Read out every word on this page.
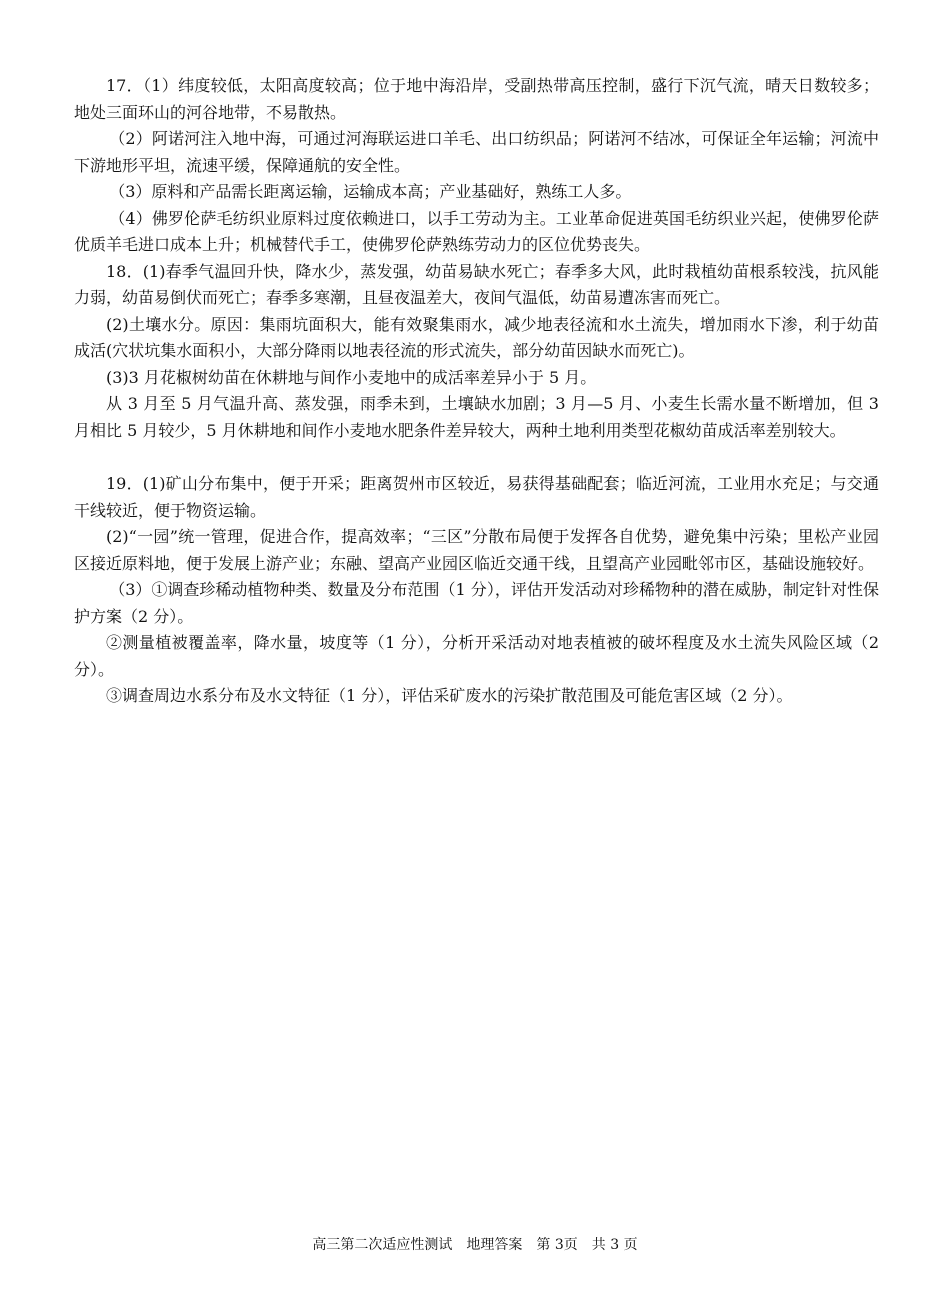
17．（1）纬度较低，太阳高度较高；位于地中海沿岸，受副热带高压控制，盛行下沉气流，晴天日数较多；地处三面环山的河谷地带，不易散热。

（2）阿诺河注入地中海，可通过河海联运进口羊毛、出口纺织品；阿诺河不结冰，可保证全年运输；河流中下游地形平坦，流速平缓，保障通航的安全性。

（3）原料和产品需长距离运输，运输成本高；产业基础好，熟练工人多。

（4）佛罗伦萨毛纺织业原料过度依赖进口，以手工劳动为主。工业革命促进英国毛纺织业兴起，使佛罗伦萨优质羊毛进口成本上升；机械替代手工，使佛罗伦萨熟练劳动力的区位优势丧失。

18．(1)春季气温回升快，降水少，蒸发强，幼苗易缺水死亡；春季多大风，此时栽植幼苗根系较浅，抗风能力弱，幼苗易倒伏而死亡；春季多寒潮，且昼夜温差大，夜间气温低，幼苗易遭冻害而死亡。

(2)土壤水分。原因：集雨坑面积大，能有效聚集雨水，减少地表径流和水土流失，增加雨水下渗，利于幼苗成活(穴状坑集水面积小，大部分降雨以地表径流的形式流失，部分幼苗因缺水而死亡)。

(3)3 月花椒树幼苗在休耕地与间作小麦地中的成活率差异小于 5 月。

从 3 月至 5 月气温升高、蒸发强，雨季未到，土壤缺水加剧；3 月—5 月、小麦生长需水量不断增加，但 3 月相比 5 月较少，5 月休耕地和间作小麦地水肥条件差异较大，两种土地利用类型花椒幼苗成活率差别较大。

19．(1)矿山分布集中，便于开采；距离贺州市区较近，易获得基础配套；临近河流，工业用水充足；与交通干线较近，便于物资运输。

(2)“一园”统一管理，促进合作，提高效率；“三区”分散布局便于发挥各自优势，避免集中污染；里松产业园区接近原料地，便于发展上游产业；东融、望高产业园区临近交通干线，且望高产业园毗邻市区，基础设施较好。

（3）①调查珍稀动植物种类、数量及分布范围（1 分），评估开发活动对珍稀物种的潜在威胁，制定针对性保护方案（2 分）。

②测量植被覆盖率，降水量，坡度等（1 分），分析开采活动对地表植被的破坏程度及水土流失风险区域（2 分）。

③调查周边水系分布及水文特征（1 分），评估采矿废水的污染扩散范围及可能危害区域（2 分）。

高三第二次适应性测试　地理答案　第 3页　共 3 页
